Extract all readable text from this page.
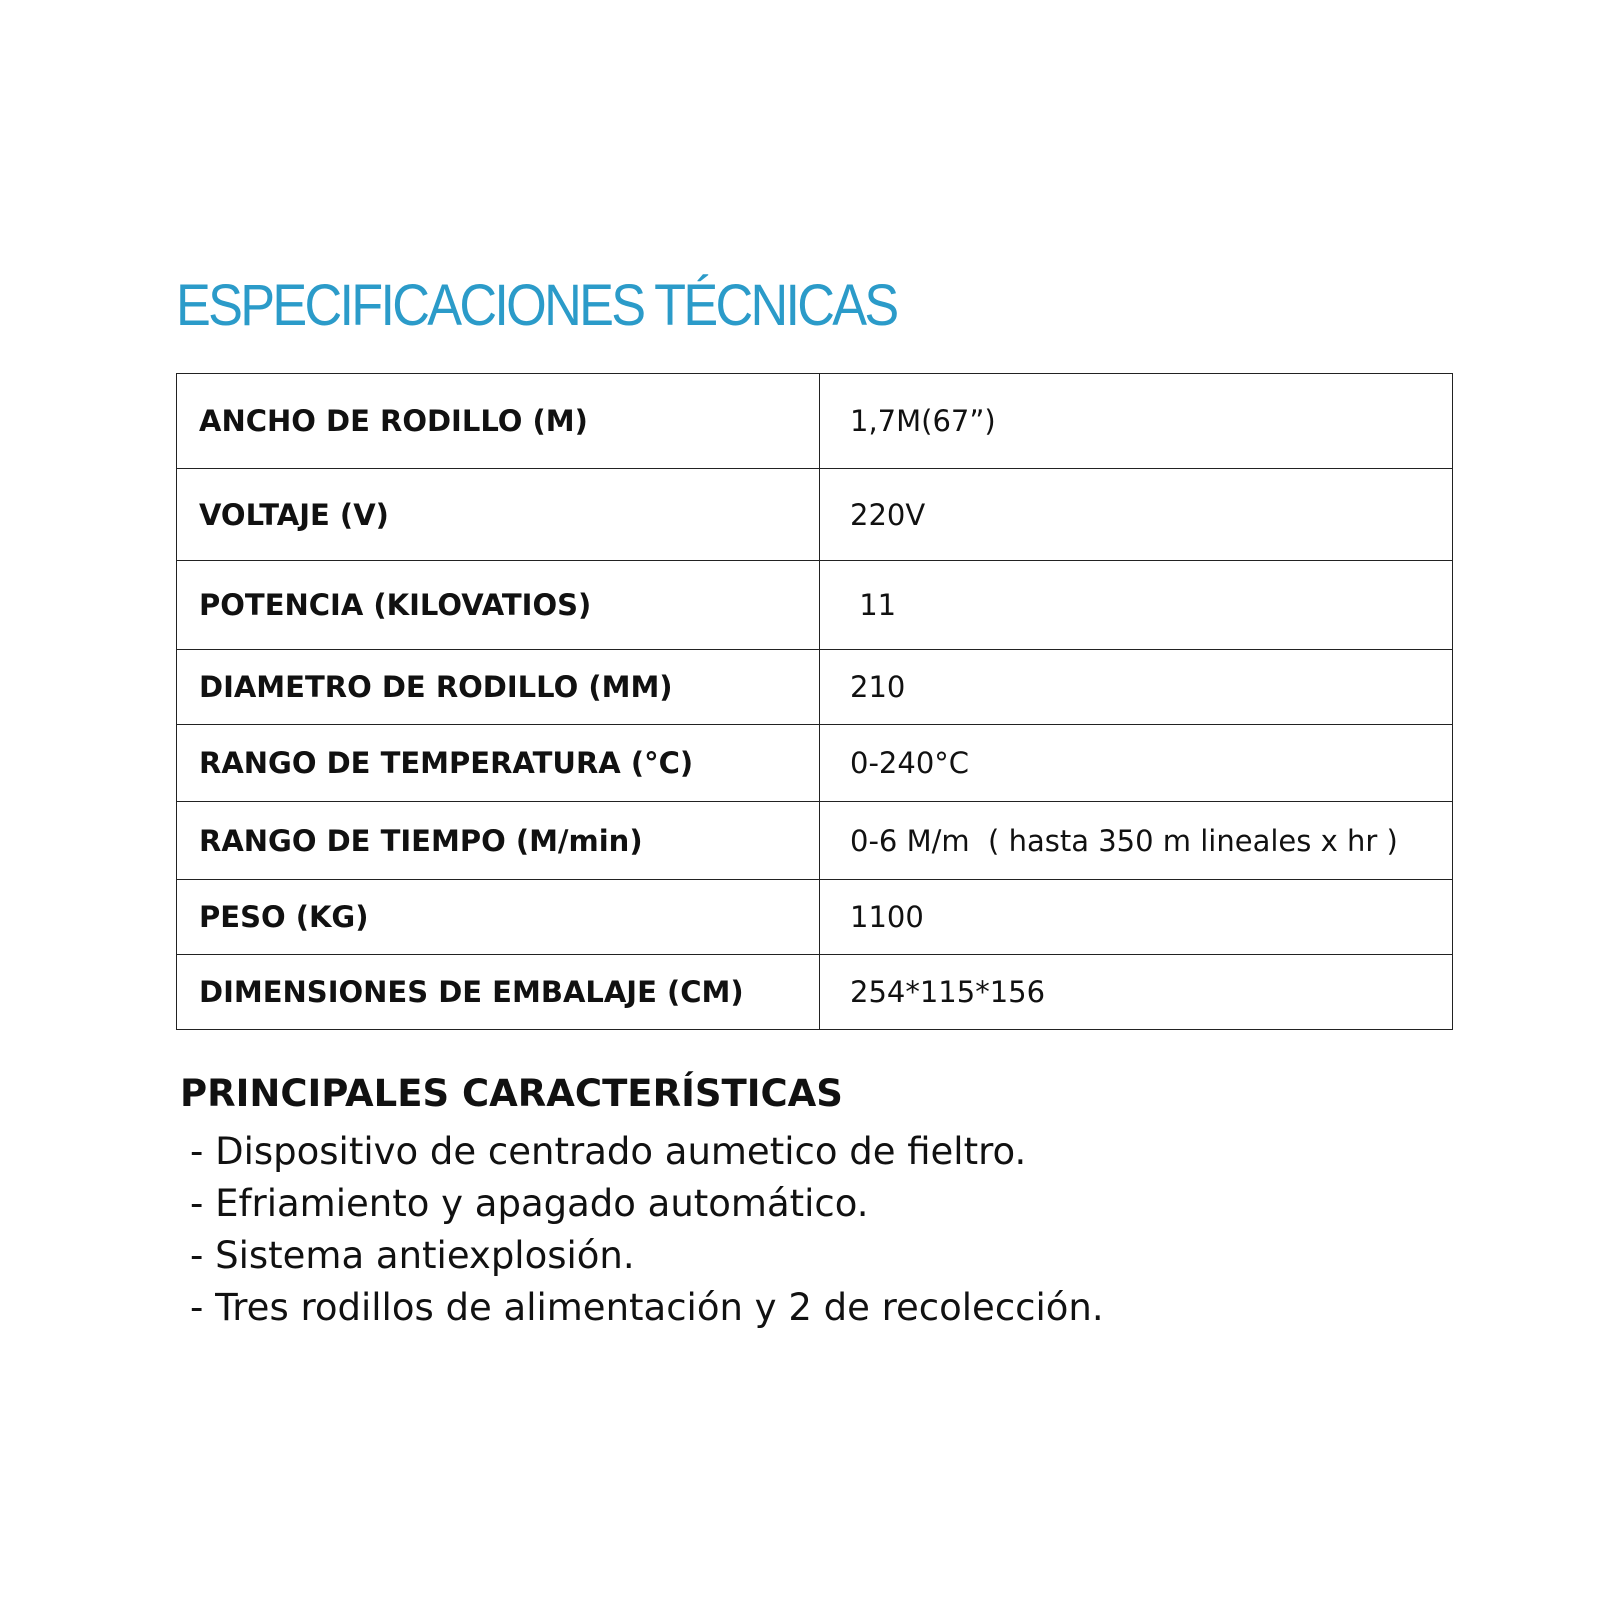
ESPECIFICACIONES TÉCNICAS
ANCHO DE RODILLO (M)	1,7M(67”)
VOLTAJE (V)	220V
POTENCIA (KILOVATIOS)	11
DIAMETRO DE RODILLO (MM)	210
RANGO DE TEMPERATURA (°C)	0-240°C
RANGO DE TIEMPO (M/min)	0-6 M/m  ( hasta 350 m lineales x hr )
PESO (KG)	1100
DIMENSIONES DE EMBALAJE (CM)	254*115*156
PRINCIPALES CARACTERÍSTICAS
- Dispositivo de centrado aumetico de fieltro.
- Efriamiento y apagado automático.
- Sistema antiexplosión.
- Tres rodillos de alimentación y 2 de recolección.
